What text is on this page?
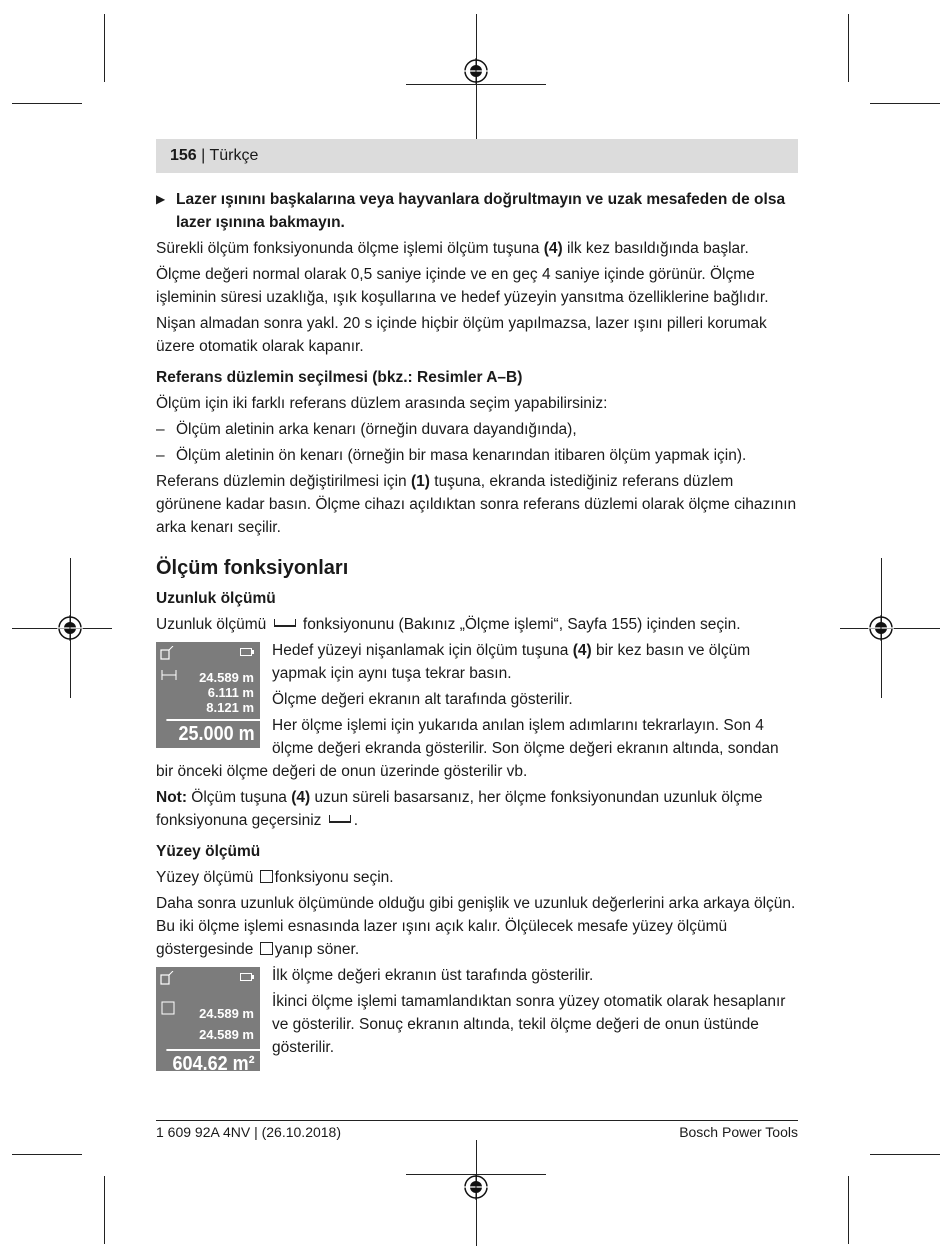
156 | Türkçe

▶ Lazer ışınını başkalarına veya hayvanlara doğrultmayın ve uzak mesafeden de olsa lazer ışınına bakmayın.

Sürekli ölçüm fonksiyonunda ölçme işlemi ölçüm tuşuna (4) ilk kez basıldığında başlar.

Ölçme değeri normal olarak 0,5 saniye içinde ve en geç 4 saniye içinde görünür. Ölçme işleminin süresi uzaklığa, ışık koşullarına ve hedef yüzeyin yansıtma özelliklerine bağlıdır.

Nişan almadan sonra yakl. 20 s içinde hiçbir ölçüm yapılmazsa, lazer ışını pilleri korumak üzere otomatik olarak kapanır.

Referans düzlemin seçilmesi (bkz.: Resimler A–B)

Ölçüm için iki farklı referans düzlem arasında seçim yapabilirsiniz:

– Ölçüm aletinin arka kenarı (örneğin duvara dayandığında),

– Ölçüm aletinin ön kenarı (örneğin bir masa kenarından itibaren ölçüm yapmak için).

Referans düzlemin değiştirilmesi için (1) tuşuna, ekranda istediğiniz referans düzlem görünene kadar basın. Ölçme cihazı açıldıktan sonra referans düzlemi olarak ölçme cihazının arka kenarı seçilir.

Ölçüm fonksiyonları

Uzunluk ölçümü

Uzunluk ölçümü  fonksiyonunu (Bakınız „Ölçme işlemi“, Sayfa 155) içinden seçin.

24.589 m
6.111 m
8.121 m
25.000 m

Hedef yüzeyi nişanlamak için ölçüm tuşuna (4) bir kez basın ve ölçüm yapmak için aynı tuşa tekrar basın.

Ölçme değeri ekranın alt tarafında gösterilir.

Her ölçme işlemi için yukarıda anılan işlem adımlarını tekrarlayın. Son 4 ölçme değeri ekranda gösterilir. Son ölçme değeri ekranın altında, sondan bir önceki ölçme değeri de onun üzerinde gösterilir vb.

Not: Ölçüm tuşuna (4) uzun süreli basarsanız, her ölçme fonksiyonundan uzunluk ölçme fonksiyonuna geçersiniz .

Yüzey ölçümü

Yüzey ölçümü fonksiyonu seçin.

Daha sonra uzunluk ölçümünde olduğu gibi genişlik ve uzunluk değerlerini arka arkaya ölçün. Bu iki ölçme işlemi esnasında lazer ışını açık kalır. Ölçülecek mesafe yüzey ölçümü göstergesinde yanıp söner.

24.589 m
24.589 m
604.62 m²

İlk ölçme değeri ekranın üst tarafında gösterilir.

İkinci ölçme işlemi tamamlandıktan sonra yüzey otomatik olarak hesaplanır ve gösterilir. Sonuç ekranın altında, tekil ölçme değeri de onun üstünde gösterilir.

1 609 92A 4NV | (26.10.2018)	Bosch Power Tools
